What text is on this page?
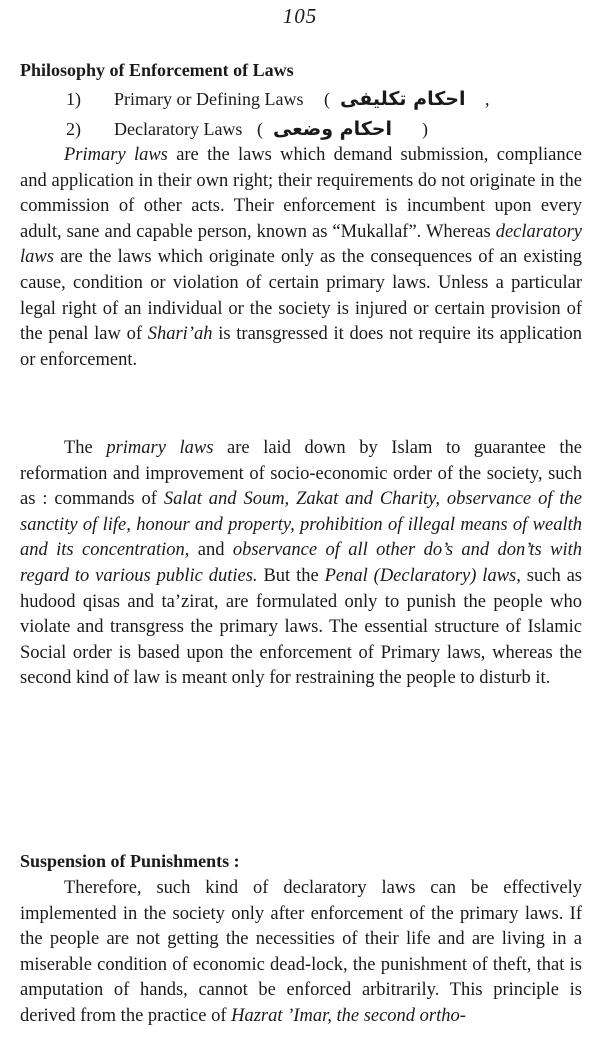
105
Philosophy of Enforcement of Laws
1) Primary or Defining Laws ( احکام تکلیفی ,
2) Declaratory Laws ( احکام وضعی )

Primary laws are the laws which demand submission, compliance and application in their own right; their requirements do not originate in the commission of other acts. Their enforcement is incumbent upon every adult, sane and capable person, known as “Mukallaf”. Whereas declaratory laws are the laws which originate only as the consequences of an existing cause, condition or violation of certain primary laws. Unless a particular legal right of an individual or the society is injured or certain provision of the penal law of Shari’ah is transgressed it does not require its application or enforcement.

The primary laws are laid down by Islam to guarantee the reformation and improvement of socio-economic order of the society, such as : commands of Salat and Soum, Zakat and Charity, observance of the sanctity of life, honour and property, prohibition of illegal means of wealth and its concentration, and observance of all other do’s and don’ts with regard to various public duties. But the Penal (Declaratory) laws, such as hudood qisas and ta’zirat, are formulated only to punish the people who violate and transgress the primary laws. The essential structure of Islamic Social order is based upon the enforcement of Primary laws, whereas the second kind of law is meant only for restraining the people to disturb it.

Suspension of Punishments :

Therefore, such kind of declaratory laws can be effectively implemented in the society only after enforcement of the primary laws. If the people are not getting the necessities of their life and are living in a miserable condition of economic dead-lock, the punishment of theft, that is amputation of hands, cannot be enforced arbitrarily. This principle is derived from the practice of Hazrat ’Imar, the second ortho-
